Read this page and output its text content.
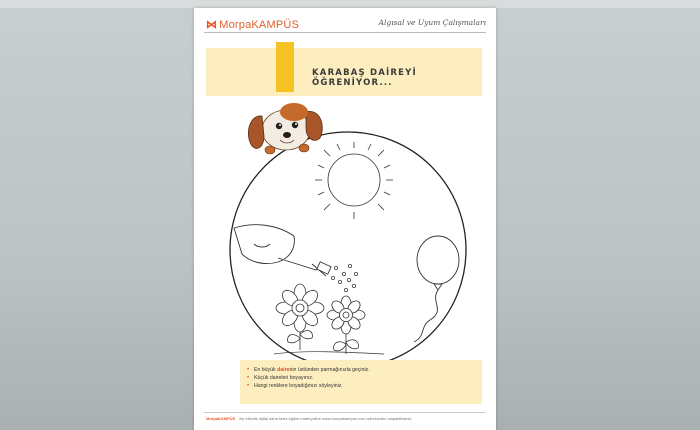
⋈ MorpaKAMPÜS	Algısal ve Uyum Çalışmaları
KARABAŞ DAİREYİ ÖĞRENİYOR...
• En büyük dairenin üstünden parmağınızla geçiniz.
• Küçük daireleri boyayınız.
• Hangi renklere boyadığınızı söyleyiniz.
MorpaKAMPÜS Bu etkinlik dijital daha fazla eğitim materyaline www.morpakampus.com adresinden ulaşabilirsiniz.
